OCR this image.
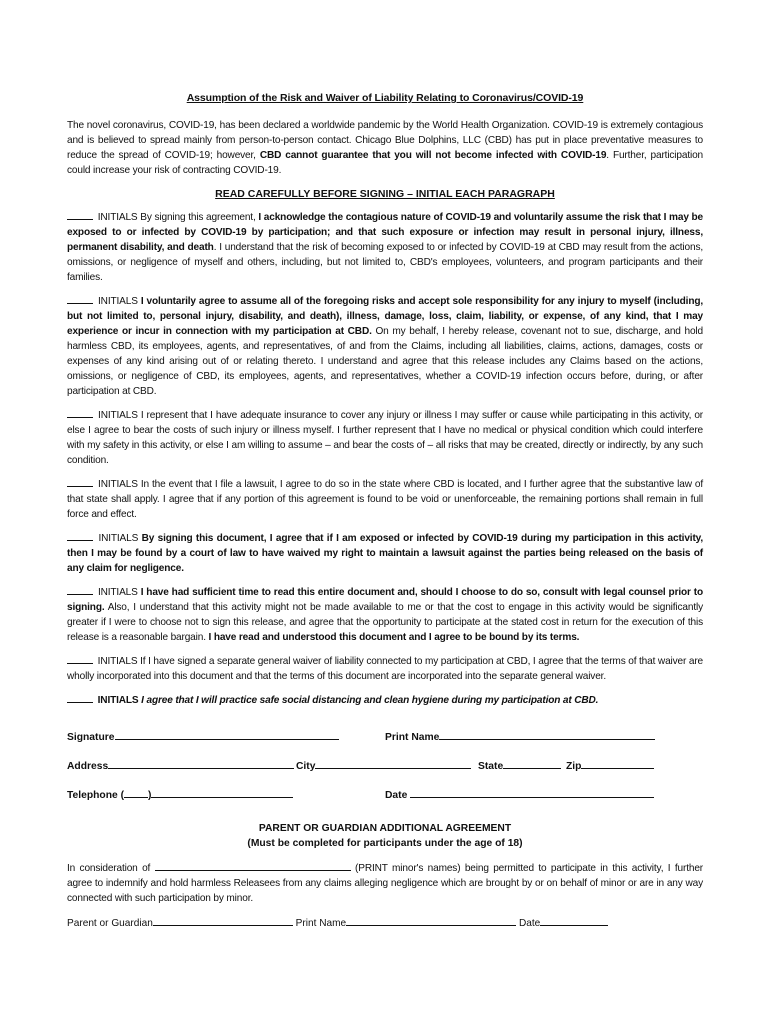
Assumption of the Risk and Waiver of Liability Relating to Coronavirus/COVID-19

The novel coronavirus, COVID-19, has been declared a worldwide pandemic by the World Health Organization. COVID-19 is extremely contagious and is believed to spread mainly from person-to-person contact. Chicago Blue Dolphins, LLC (CBD) has put in place preventative measures to reduce the spread of COVID-19; however, CBD cannot guarantee that you will not become infected with COVID-19. Further, participation could increase your risk of contracting COVID-19.

READ CAREFULLY BEFORE SIGNING – INITIAL EACH PARAGRAPH

INITIALS By signing this agreement, I acknowledge the contagious nature of COVID-19 and voluntarily assume the risk that I may be exposed to or infected by COVID-19 by participation; and that such exposure or infection may result in personal injury, illness, permanent disability, and death. I understand that the risk of becoming exposed to or infected by COVID-19 at CBD may result from the actions, omissions, or negligence of myself and others, including, but not limited to, CBD's employees, volunteers, and program participants and their families.

INITIALS I voluntarily agree to assume all of the foregoing risks and accept sole responsibility for any injury to myself (including, but not limited to, personal injury, disability, and death), illness, damage, loss, claim, liability, or expense, of any kind, that I may experience or incur in connection with my participation at CBD. On my behalf, I hereby release, covenant not to sue, discharge, and hold harmless CBD, its employees, agents, and representatives, of and from the Claims, including all liabilities, claims, actions, damages, costs or expenses of any kind arising out of or relating thereto. I understand and agree that this release includes any Claims based on the actions, omissions, or negligence of CBD, its employees, agents, and representatives, whether a COVID-19 infection occurs before, during, or after participation at CBD.

INITIALS I represent that I have adequate insurance to cover any injury or illness I may suffer or cause while participating in this activity, or else I agree to bear the costs of such injury or illness myself. I further represent that I have no medical or physical condition which could interfere with my safety in this activity, or else I am willing to assume – and bear the costs of – all risks that may be created, directly or indirectly, by any such condition.

INITIALS In the event that I file a lawsuit, I agree to do so in the state where CBD is located, and I further agree that the substantive law of that state shall apply. I agree that if any portion of this agreement is found to be void or unenforceable, the remaining portions shall remain in full force and effect.

INITIALS By signing this document, I agree that if I am exposed or infected by COVID-19 during my participation in this activity, then I may be found by a court of law to have waived my right to maintain a lawsuit against the parties being released on the basis of any claim for negligence.

INITIALS I have had sufficient time to read this entire document and, should I choose to do so, consult with legal counsel prior to signing. Also, I understand that this activity might not be made available to me or that the cost to engage in this activity would be significantly greater if I were to choose not to sign this release, and agree that the opportunity to participate at the stated cost in return for the execution of this release is a reasonable bargain. I have read and understood this document and I agree to be bound by its terms.

INITIALS If I have signed a separate general waiver of liability connected to my participation at CBD, I agree that the terms of that waiver are wholly incorporated into this document and that the terms of this document are incorporated into the separate general waiver.

INITIALS I agree that I will practice safe social distancing and clean hygiene during my participation at CBD.

Signature	Print Name
Address	City	State	Zip
Telephone ( )	Date
PARENT OR GUARDIAN ADDITIONAL AGREEMENT
(Must be completed for participants under the age of 18)

In consideration of	(PRINT minor's names) being permitted to participate in this activity, I further agree to indemnify and hold harmless Releasees from any claims alleging negligence which are brought by or on behalf of minor or are in any way connected with such participation by minor.

Parent or Guardian	Print Name	Date
